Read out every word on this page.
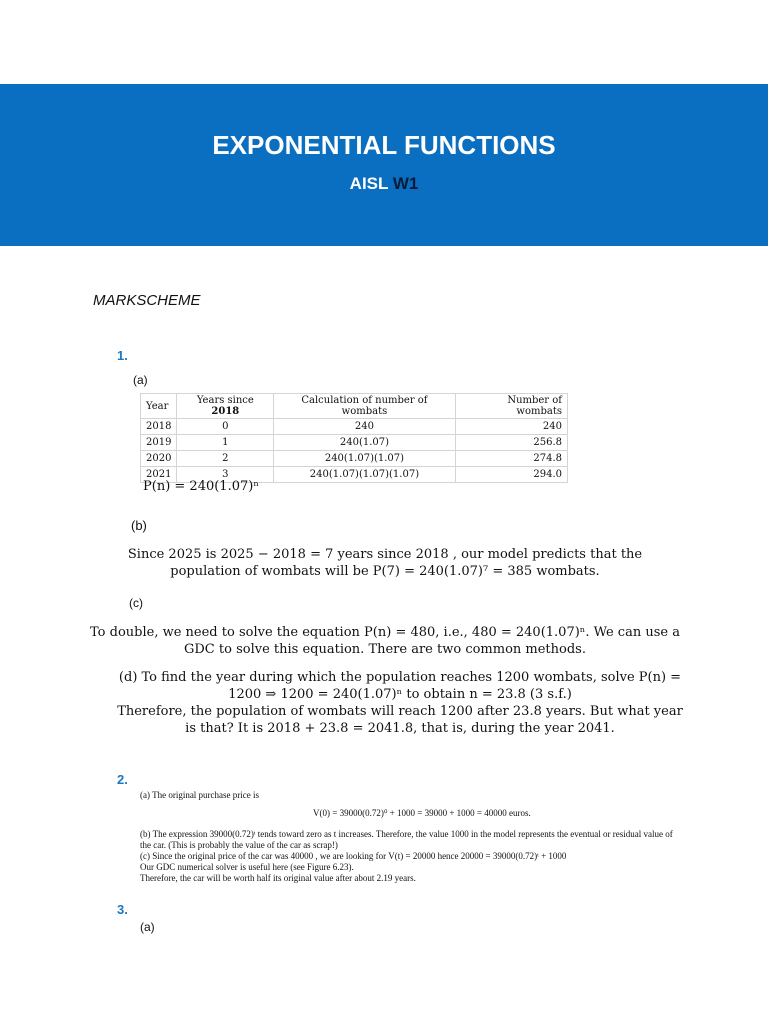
EXPONENTIAL FUNCTIONS
AISL W1
MARKSCHEME
1.
(a)
Year	Years since 2018	Calculation of number of wombats	Number of wombats
2018	0	240	240
2019	1	240(1.07)	256.8
2020	2	240(1.07)(1.07)	274.8
2021	3	240(1.07)(1.07)(1.07)	294.0
P(n) = 240(1.07)ⁿ
(b)
Since 2025 is 2025 − 2018 = 7 years since 2018 , our model predicts that the
population of wombats will be P(7) = 240(1.07)⁷ = 385 wombats.
(c)
To double, we need to solve the equation P(n) = 480, i.e., 480 = 240(1.07)ⁿ. We can use a
GDC to solve this equation. There are two common methods.
(d) To find the year during which the population reaches 1200 wombats, solve P(n) =
1200 ⇒ 1200 = 240(1.07)ⁿ to obtain n = 23.8 (3 s.f.)
Therefore, the population of wombats will reach 1200 after 23.8 years. But what year
is that? It is 2018 + 23.8 = 2041.8, that is, during the year 2041.
2.
(a) The original purchase price is
V(0) = 39000(0.72)⁰ + 1000 = 39000 + 1000 = 40000 euros.
(b) The expression 39000(0.72)ᵗ tends toward zero as t increases. Therefore, the value 1000 in the model represents the eventual or residual value of
the car. (This is probably the value of the car as scrap!)
(c) Since the original price of the car was 40000 , we are looking for V(t) = 20000 hence 20000 = 39000(0.72)ᵗ + 1000
Our GDC numerical solver is useful here (see Figure 6.23).
Therefore, the car will be worth half its original value after about 2.19 years.
3.
(a)
